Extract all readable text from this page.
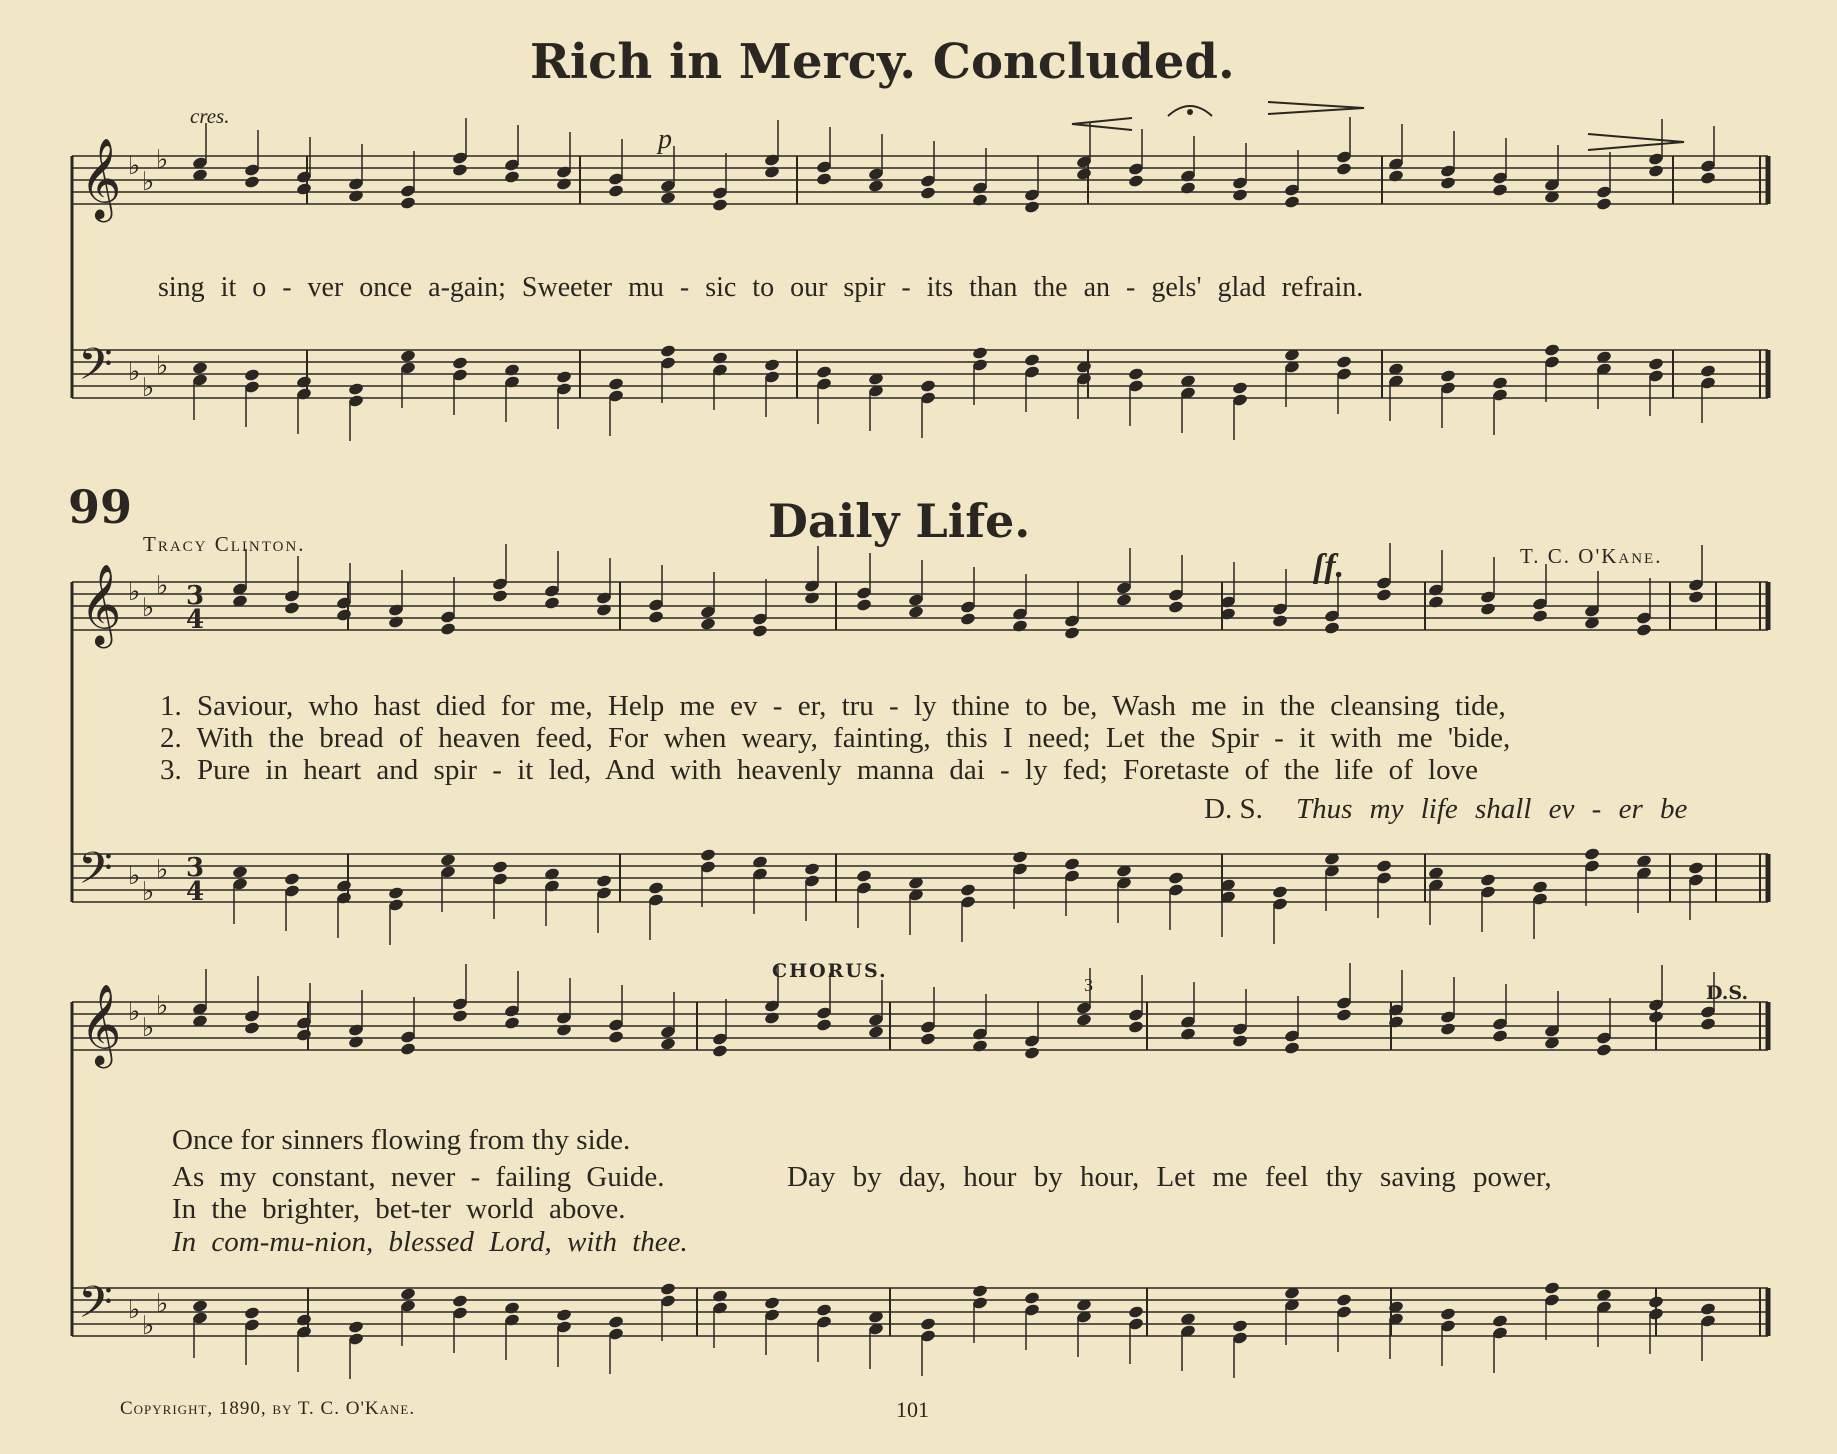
𝄞 ♭
♭
♭
𝄢 ♭
♭
♭
𝄞 ♭
♭
♭ 3
4
𝄢 ♭
♭
♭ 3
4
𝄞 ♭
♭
♭
𝄢 ♭
♭
♭
Rich in Mercy. Concluded.
cres.
p
sing it o - ver once a-gain; Sweeter mu - sic to our spir - its than the an - gels' glad refrain.
99	Daily Life.
Tracy Clinton.	T. C. O'Kane.
ſf.
1. Saviour, who hast died for me, Help me ev - er, tru - ly thine to be, Wash me in the cleansing tide,
2. With the bread of heaven feed, For when weary, fainting, this I need; Let the Spir - it with me 'bide,
3. Pure in heart and spir - it led, And with heavenly manna dai - ly fed; Foretaste of the life of love
D. S. Thus my life shall ev - er be
CHORUS.
D.S.
3
Once for sinners flowing from thy side.
As my constant, never - failing Guide.
In the brighter, bet-ter world above.
In com-mu-nion, blessed Lord, with thee.
Day by day, hour by hour, Let me feel thy saving power,
Copyright, 1890, by T. C. O'Kane.	101
